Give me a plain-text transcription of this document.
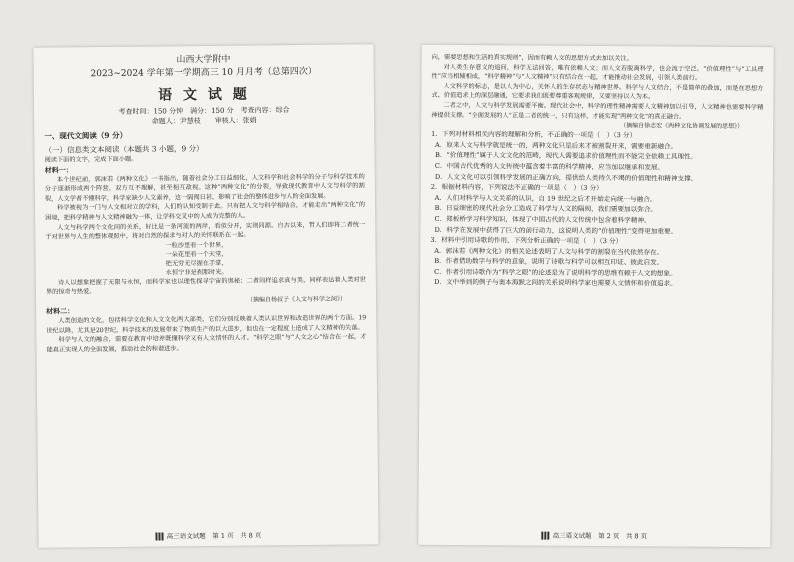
山西大学附中
2023~2024 学年第一学期高三 10 月月考（总第四次）
语 文 试 题
考查时间：150 分钟　满分：150 分　考查内容：综合
命题人：尹慧枝　　审核人：张娟
一、现代文阅读（9 分）
（一）信息类文本阅读（本题共 3 小题，9 分）

阅读下面的文字，完成下面小题。

材料一：

本个世纪前，郭沫若《两种文化》一书指出，随着社会分工日益细化，人文科学和社会科学的分子与科学技术的分子逐渐形成两个阵营，双方互不理解，甚至相互敌视。这种“两种文化”的分裂，导致现代教育中人文与科学的割裂，人文学者不懂科学，科学家缺少人文素养，这一隔阂日甚，影响了社会的整体进步与人的全面发展。

科学被视为一门与人文相对立的学科，人们的认知受制于此。只有把人文与科学相结合，才能走出“两种文化”的困境，把科学精神与人文精神融为一体，让学科交叉中的人成为完整的人。

人文与科学两个文化间的关系，好比是一条河流的两岸，看似分开，实则同源。自古以来，哲人们即将二者统一于对世界与人生的整体观照中，将对自然的探求与对人的关怀联系在一起。

一粒沙里看一个世界，
一朵花里看一个天堂，
把无穷无尽握在手掌，
永恒宁非是刹那时光。

诗人以想象把握了无限与永恒，而科学家也以理性探寻宇宙的奥秘；二者同样追求真与美，同样表达着人类对世界的惊奇与热爱。

（摘编自杨叔子《人文与科学之间》）
材料二：

人类创造的文化，包括科学文化和人文文化两大部类，它们分别反映着人类认识世界和改造世界的两个方面。19世纪以降，尤其是20世纪，科学技术的发展带来了物质生产的巨大进步，但也在一定程度上造成了人文精神的失落。

科学与人文的融合，需要在教育中培养既懂科学又有人文情怀的人才。“科学之眼”与“人文之心”结合在一起，才能真正实现人的全面发展，推动社会的和谐进步。

高三语文试题　第 1 页　共 8 页

向，需要思想和生活的真实规则”，因而有赖人文的思想方式去加以关注。

对人类生存意义的追问，科学无法回答，唯有依赖人文；而人文若脱离科学，也会流于空泛。“价值理性”与“工具理性”应当相辅相成，“科学精神”与“人文精神”只有结合在一起，才能推动社会发展，引领人类前行。

人文科学的标志，是以人为中心，关怀人的生存状态与精神世界。科学与人文结合，不是简单的叠加，而是在思想方式、价值追求上的深层融通，它要求我们既要尊重客观规律，又要坚持以人为本。

二者之中，人文与科学发展需要平衡。现代社会中，科学的理性精神需要人文精神加以引导，人文精神也需要科学精神提供支撑。“全面发展的人”正是二者的统一，只有这样，才能实现“两种文化”的真正融合。

（摘编自徐志宏《两种文化协调发展的思想》）

1．下列对材料相关内容的理解和分析，不正确的一项是（　）（3 分）

A．原来人文与科学就是统一的，两种文化只是后来才被割裂开来，需要重新融合。

B．“价值理性”属于人文文化的范畴，现代人需要追求价值理性而不能完全依赖工具理性。

C．中国古代优秀的人文传统中蕴含着丰富的科学精神，应当加以继承和发展。

D．人文文化可以引领科学发展的正确方向，提供给人类持久不竭的价值理性和精神支撑。

2．根据材料内容，下列说法不正确的一项是（　）（3 分）

A．人们对科学与人文关系的认识，自 19 世纪之后才开始走向统一与融合。

B．日益细密的现代社会分工造成了科学与人文的隔阂，我们需要加以弥合。

C．郑板桥学习科学知识，体现了中国古代的人文传统中包含着科学精神。

D．科学在发展中获得了巨大的前行动力，这说明人类的“价值理性”变得更加重要。

3．材料中引用诗歌的作用，下列分析正确的一项是（　）（3 分）

A．郭沫若《两种文化》的相关论述表明了人文与科学的割裂在当代依然存在。

B．作者借助数字与科学的意象，说明了诗歌与科学可以相互印证、彼此启发。

C．作者引用诗歌作为“科学之眼”的论述是为了说明科学的思维有赖于人文的想象。

D．文中举到的例子与奥本海默之间的关系说明科学家也需要人文情怀和价值追求。

高三语文试题　第 2 页　共 8 页
